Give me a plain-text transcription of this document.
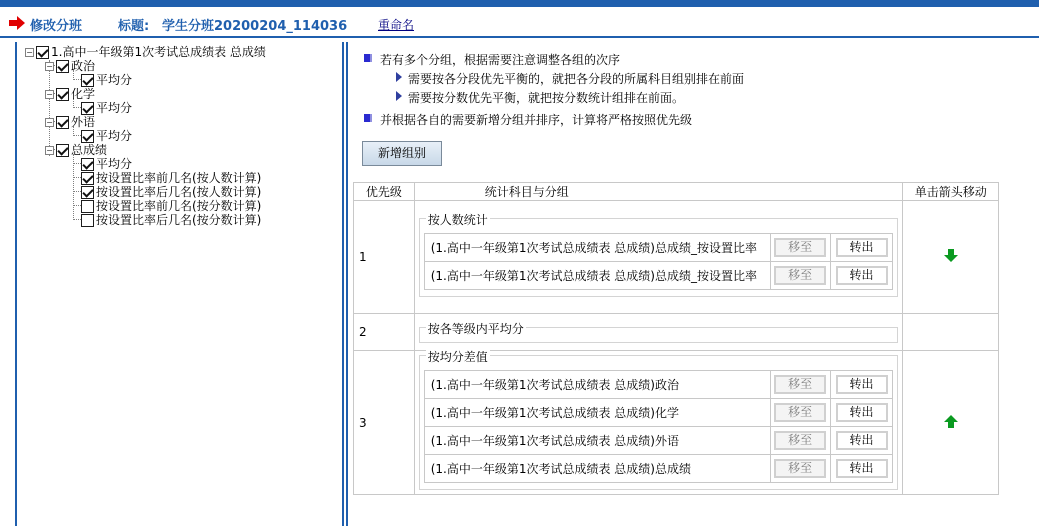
修改分班	标题: 学生分班20200204_114036	重命名
− 1.高中一年级第1次考试总成绩表 总成绩
− 政治
平均分
− 化学
平均分
− 外语
平均分
− 总成绩
平均分
按设置比率前几名(按人数计算)
按设置比率后几名(按人数计算)
按设置比率前几名(按分数计算)
按设置比率后几名(按分数计算)
若有多个分组，根据需要注意调整各组的次序
需要按各分段优先平衡的，就把各分段的所属科目组别排在前面
需要按分数优先平衡，就把按分数统计组排在前面。
并根据各自的需要新增分组并排序，计算将严格按照优先级
新增组别
优先级	统计科目与分组	单击箭头移动
1	
按人数统计
(1.高中一年级第1次考试总成绩表 总成绩)总成绩_按设置比率	移至	转出
(1.高中一年级第1次考试总成绩表 总成绩)总成绩_按设置比率	移至	转出

2	按各等级内平均分

3	
按均分差值
(1.高中一年级第1次考试总成绩表 总成绩)政治	移至	转出
(1.高中一年级第1次考试总成绩表 总成绩)化学	移至	转出
(1.高中一年级第1次考试总成绩表 总成绩)外语	移至	转出
(1.高中一年级第1次考试总成绩表 总成绩)总成绩	移至	转出
